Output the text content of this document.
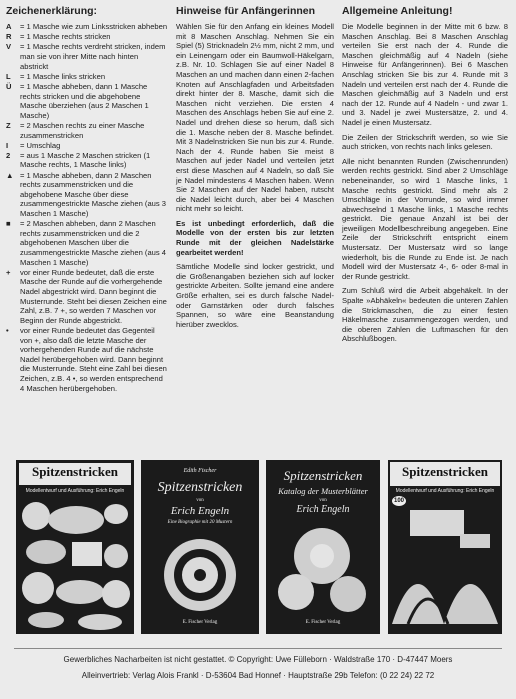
Zeichenerklärung:
A	= 1 Masche wie zum Linksstricken abheben
R	= 1 Masche rechts stricken
V	= 1 Masche rechts verdreht stricken, indem man sie von ihrer Mitte nach hinten abstrickt
L	= 1 Masche links stricken
Ü	= 1 Masche abheben, dann 1 Masche rechts stricken und die abgehobene Masche überziehen (aus 2 Maschen 1 Masche)
Z	= 2 Maschen rechts zu einer Masche zusammenstricken
I	= Umschlag
2	= aus 1 Masche 2 Maschen stricken (1 Masche rechts, 1 Masche links)
▲ = 1 Masche abheben, dann 2 Maschen rechts zusammenstricken und die abgehobene Masche über diese zusammengestrickte Masche ziehen (aus 3 Maschen 1 Masche)
■	= 2 Maschen abheben, dann 2 Maschen rechts zusammenstricken und die 2 abgehobenen Maschen über die zusammengestrickte Masche ziehen (aus 4 Maschen 1 Masche)
+	vor einer Runde bedeutet, daß die erste Masche der Runde auf die vorhergehende Nadel abgestrickt wird. Dann beginnt die Musterrunde. Steht bei diesen Zeichen eine Zahl, z.B. 7 +, so werden 7 Maschen vor Beginn der Runde abgestrickt.
•	vor einer Runde bedeutet das Gegenteil von +, also daß die letzte Masche der vorhergehenden Runde auf die nächste Nadel herübergehoben wird. Dann beginnt die Musterrunde. Steht eine Zahl bei diesen Zeichen, z.B. 4 •, so werden entsprechend 4 Maschen herübergehoben.
Hinweise für Anfängerinnen

Wählen Sie für den Anfang ein kleines Modell mit 8 Maschen Anschlag. Nehmen Sie ein Spiel (5) Stricknadeln 2½ mm, nicht 2 mm, und ein Leinengarn oder ein Baumwoll-Häkelgarn, z.B. Nr. 10. Schlagen Sie auf einer Nadel 8 Maschen an und machen dann einen 2-fachen Knoten auf Anschlagfaden und Arbeitsfaden direkt hinter der 8. Masche, damit sich die Maschen nicht verziehen. Die ersten 4 Maschen des Anschlags heben Sie auf eine 2. Nadel und drehen diese so herum, daß sich die 1. Masche neben der 8. Masche befindet. Mit 3 Nadelnstricken Sie nun bis zur 4. Runde. Nach der 4. Runde haben Sie meist 8 Maschen auf jeder Nadel und verteilen jetzt erst diese Maschen auf 4 Nadeln, so daß Sie je Nadel mindestens 4 Maschen haben. Wenn Sie 2 Maschen auf der Nadel haben, rutscht die Nadel leicht durch, aber bei 4 Maschen nicht mehr so leicht.

Es ist unbedingt erforderlich, daß die Modelle von der ersten bis zur letzten Runde mit der gleichen Nadelstärke gearbeitet werden!

Sämtliche Modelle sind locker gestrickt, und die Größenangaben beziehen sich auf locker gestrickte Arbeiten. Sollte jemand eine andere Größe erhalten, sei es durch falsche Nadel- oder Garnstärken oder durch falsches Spannen, so wäre eine Beanstandung hierüber zwecklos.

Allgemeine Anleitung!

Die Modelle beginnen in der Mitte mit 6 bzw. 8 Maschen Anschlag. Bei 8 Maschen Anschlag verteilen Sie erst nach der 4. Runde die Maschen gleichmäßig auf 4 Nadeln (siehe Hinweise für Anfängerinnen). Bei 6 Maschen Anschlag stricken Sie bis zur 4. Runde mit 3 Nadeln und verteilen erst nach der 4. Runde die Maschen gleichmäßig auf 3 Nadeln und erst nach der 12. Runde auf 4 Nadeln - und zwar 1. und 3. Nadel je zwei Mustersätze, 2. und 4. Nadel je einen Mustersatz.

Die Zeilen der Strickschrift werden, so wie Sie auch stricken, von rechts nach links gelesen.

Alle nicht benannten Runden (Zwischenrunden) werden rechts gestrickt. Sind aber 2 Umschläge nebeneinander, so wird 1 Masche links, 1 Masche rechts gestrickt. Sind mehr als 2 Umschläge in der Vorrunde, so wird immer abwechselnd 1 Masche links, 1 Masche rechts gestrickt. Die genaue Anzahl ist bei der jeweiligen Modellbeschreibung angegeben. Eine Zeile der Strickschrift entspricht einem Mustersatz. Der Mustersatz wird so lange wiederholt, bis die Runde zu Ende ist. Je nach Modell wird der Mustersatz 4-, 6- oder 8-mal in der Runde gestrickt.

Zum Schluß wird die Arbeit abgehäkelt. In der Spalte »Abhäkeln« bedeuten die unteren Zahlen die Strickmaschen, die zu einer festen Häkelmasche zusammengezogen werden, und die oberen Zahlen die Luftmaschen für den Abschlußbogen.

Spitzenstricken
Modellentwurf und Ausführung: Erich Engeln
Edith Fischer
Spitzenstricken
von
Erich Engeln
Eine Biographie mit 20 Mustern
E. Fischer Verlag
Spitzenstricken
Katalog der Musterblätter
von
Erich Engeln
E. Fischer Verlag
Spitzenstricken
Modellentwurf und Ausführung: Erich Engeln
100
Gewerbliches Nacharbeiten ist nicht gestattet. © Copyright: Uwe Fülleborn · Waldstraße 170 · D-47447 Moers
Alleinvertrieb: Verlag Alois Frankl · D-53604 Bad Honnef · Hauptstraße 29b Telefon: (0 22 24) 22 72
